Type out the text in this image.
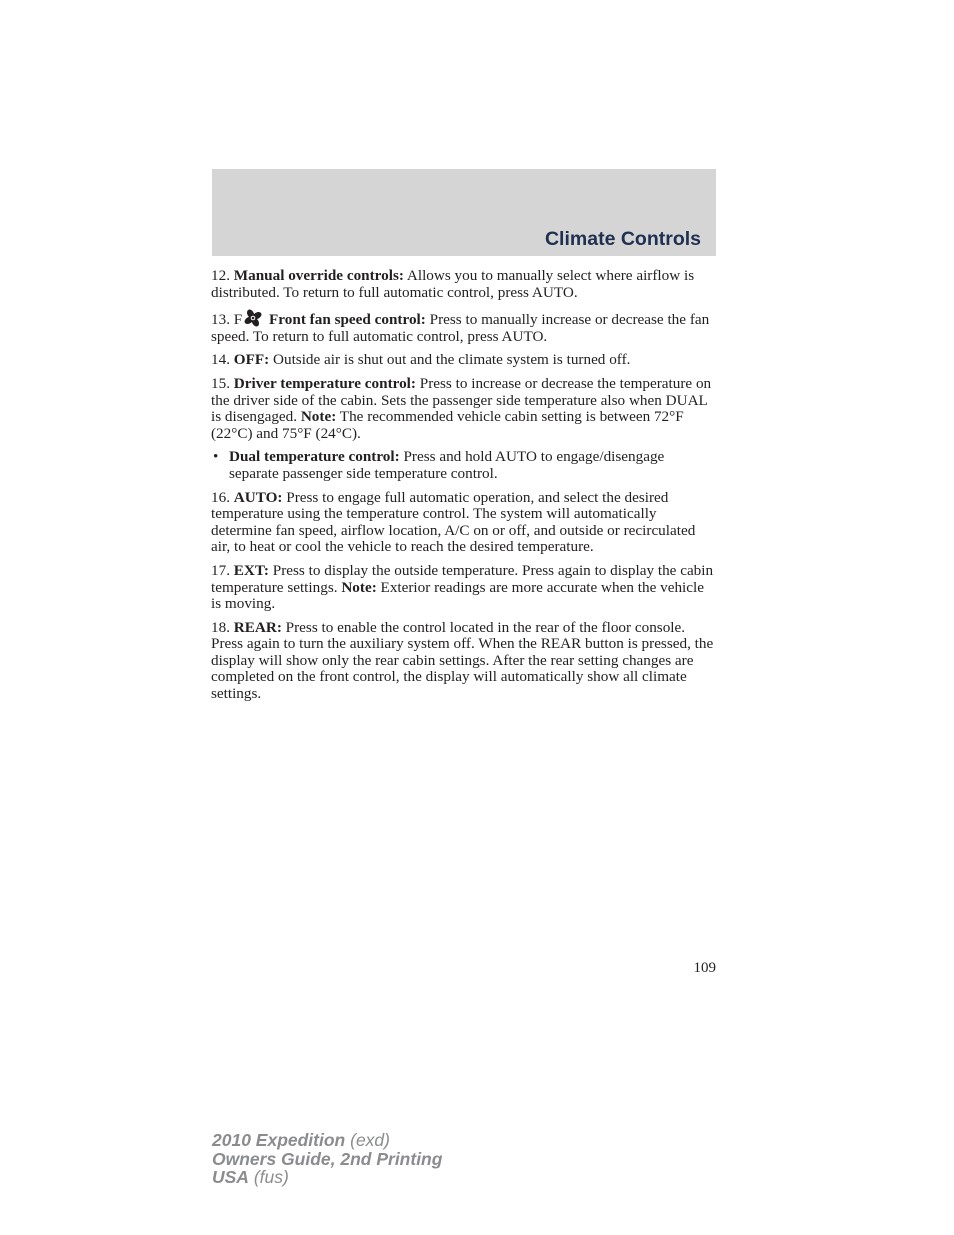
Climate Controls

12. Manual override controls: Allows you to manually select where airflow is distributed. To return to full automatic control, press AUTO.

13. F Front fan speed control: Press to manually increase or decrease the fan speed. To return to full automatic control, press AUTO.

14. OFF: Outside air is shut out and the climate system is turned off.

15. Driver temperature control: Press to increase or decrease the temperature on the driver side of the cabin. Sets the passenger side temperature also when DUAL is disengaged. Note: The recommended vehicle cabin setting is between 72°F (22°C) and 75°F (24°C).

• Dual temperature control: Press and hold AUTO to engage/disengage separate passenger side temperature control.

16. AUTO: Press to engage full automatic operation, and select the desired temperature using the temperature control. The system will automatically determine fan speed, airflow location, A/C on or off, and outside or recirculated air, to heat or cool the vehicle to reach the desired temperature.

17. EXT: Press to display the outside temperature. Press again to display the cabin temperature settings. Note: Exterior readings are more accurate when the vehicle is moving.

18. REAR: Press to enable the control located in the rear of the floor console. Press again to turn the auxiliary system off. When the REAR button is pressed, the display will show only the rear cabin settings. After the rear setting changes are completed on the front control, the display will automatically show all climate settings.

109
2010 Expedition (exd)
Owners Guide, 2nd Printing
USA (fus)
